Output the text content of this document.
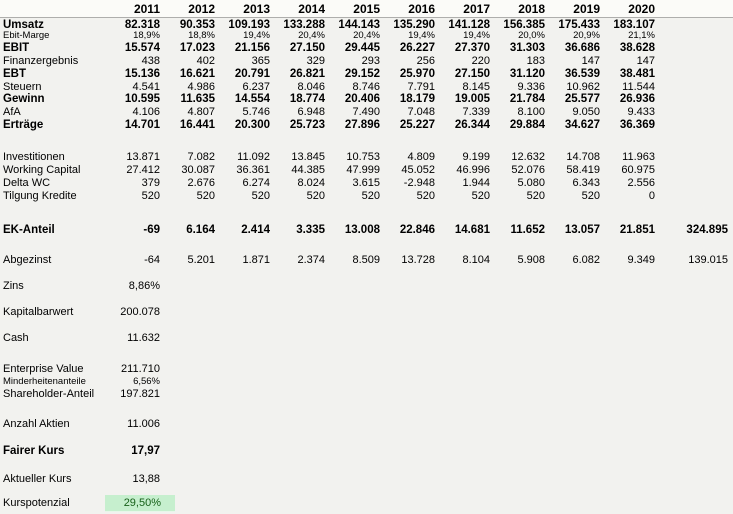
2011	2012	2013	2014	2015	2016	2017	2018	2019	2020
Umsatz	82.318	90.353	109.193	133.288	144.143	135.290	141.128	156.385	175.433	183.107
Ebit-Marge	18,9%	18,8%	19,4%	20,4%	20,4%	19,4%	19,4%	20,0%	20,9%	21,1%
EBIT	15.574	17.023	21.156	27.150	29.445	26.227	27.370	31.303	36.686	38.628
Finanzergebnis	438	402	365	329	293	256	220	183	147	147
EBT	15.136	16.621	20.791	26.821	29.152	25.970	27.150	31.120	36.539	38.481
Steuern	4.541	4.986	6.237	8.046	8.746	7.791	8.145	9.336	10.962	11.544
Gewinn	10.595	11.635	14.554	18.774	20.406	18.179	19.005	21.784	25.577	26.936
AfA	4.106	4.807	5.746	6.948	7.490	7.048	7.339	8.100	9.050	9.433
Erträge	14.701	16.441	20.300	25.723	27.896	25.227	26.344	29.884	34.627	36.369
Investitionen	13.871	7.082	11.092	13.845	10.753	4.809	9.199	12.632	14.708	11.963
Working Capital	27.412	30.087	36.361	44.385	47.999	45.052	46.996	52.076	58.419	60.975
Delta WC	379	2.676	6.274	8.024	3.615	-2.948	1.944	5.080	6.343	2.556
Tilgung Kredite	520	520	520	520	520	520	520	520	520	0
EK-Anteil	-69	6.164	2.414	3.335	13.008	22.846	14.681	11.652	13.057	21.851	324.895
Abgezinst	-64	5.201	1.871	2.374	8.509	13.728	8.104	5.908	6.082	9.349	139.015
Zins	8,86%
Kapitalbarwert	200.078
Cash	11.632
Enterprise Value	211.710
Minderheitenanteile	6,56%
Shareholder-Anteil	197.821
Anzahl Aktien	11.006
Fairer Kurs	17,97
Aktueller Kurs	13,88
Kurspotenzial	29,50%
